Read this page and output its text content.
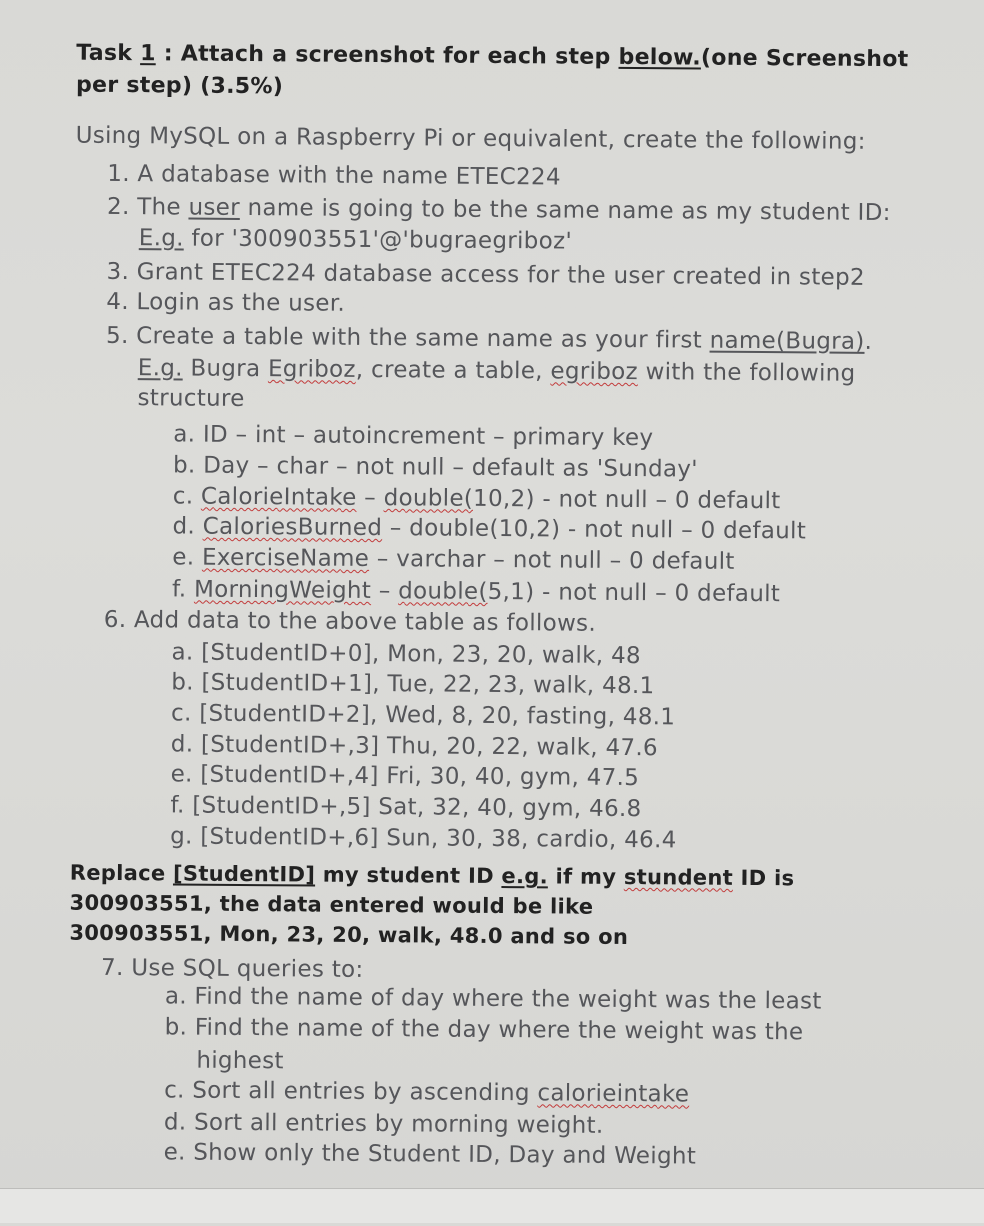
Task 1 : Attach a screenshot for each step below.(one Screenshot
per step) (3.5%)
Using MySQL on a Raspberry Pi or equivalent, create the following:
1. A database with the name ETEC224
2. The user name is going to be the same name as my student ID:
E.g. for '300903551'@'bugraegriboz'
3. Grant ETEC224 database access for the user created in step2
4. Login as the user.
5. Create a table with the same name as your first name(Bugra).
E.g. Bugra Egriboz, create a table, egriboz with the following
structure
a. ID – int – autoincrement – primary key
b. Day – char – not null – default as 'Sunday'
c. CalorieIntake – double(10,2) - not null – 0 default
d. CaloriesBurned – double(10,2) - not null – 0 default
e. ExerciseName – varchar – not null – 0 default
f. MorningWeight – double(5,1) - not null – 0 default
6. Add data to the above table as follows.
a. [StudentID+0], Mon, 23, 20, walk, 48
b. [StudentID+1], Tue, 22, 23, walk, 48.1
c. [StudentID+2], Wed, 8, 20, fasting, 48.1
d. [StudentID+,3] Thu, 20, 22, walk, 47.6
e. [StudentID+,4] Fri, 30, 40, gym, 47.5
f. [StudentID+,5] Sat, 32, 40, gym, 46.8
g. [StudentID+,6] Sun, 30, 38, cardio, 46.4
Replace [StudentID] my student ID e.g. if my stundent ID is
300903551, the data entered would be like
300903551, Mon, 23, 20, walk, 48.0 and so on
7. Use SQL queries to:
a. Find the name of day where the weight was the least
b. Find the name of the day where the weight was the
highest
c. Sort all entries by ascending calorieintake
d. Sort all entries by morning weight.
e. Show only the Student ID, Day and Weight
